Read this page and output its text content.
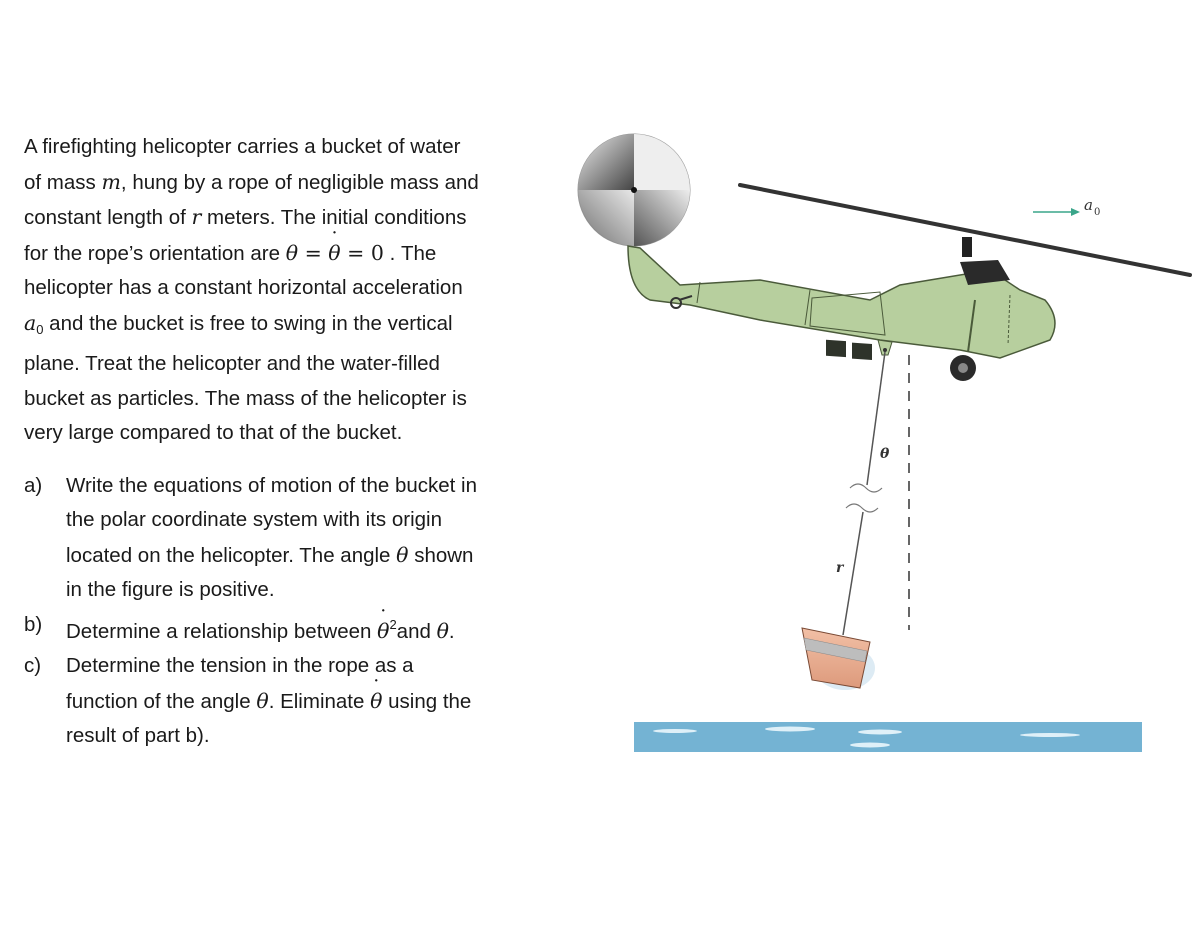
A firefighting helicopter carries a bucket of water

of mass m, hung by a rope of negligible mass and

constant length of r meters. The initial conditions

for the rope’s orientation are θ = ˙ θ = 0 . The

helicopter has a constant horizontal acceleration

$a_0$ and the bucket is free to swing in the vertical

plane. Treat the helicopter and the water-filled

bucket as particles. The mass of the helicopter is

very large compared to that of the bucket.

a)	Write the equations of motion of the bucket in

the polar coordinate system with its origin

located on the helicopter. The angle θ shown

in the figure is positive.

b)	Determine a relationship between ˙ $\theta^2and$ θ.

c)	Determine the tension in the rope as a

function of the angle θ. Eliminate ˙ θ using the

result of part b).

a 0
θ
r
